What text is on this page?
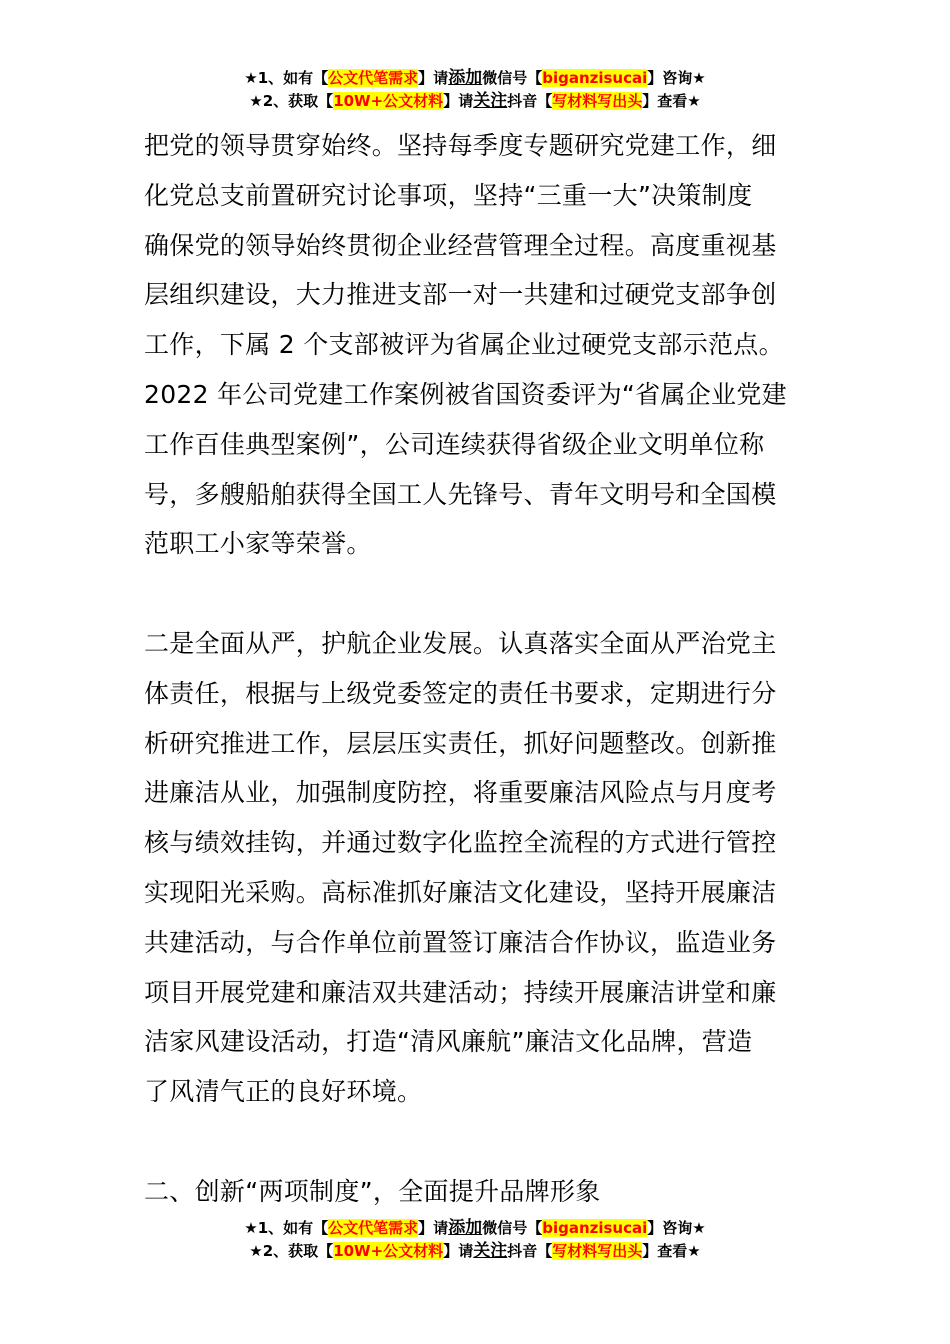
★1、如有【公文代笔需求】请添加微信号【biganzisucai】咨询★
★2、获取【10W+公文材料】请关注抖音【写材料写出头】查看★

把党的领导贯穿始终。坚持每季度专题研究党建工作，细

化党总支前置研究讨论事项，坚持“三重一大”决策制度

确保党的领导始终贯彻企业经营管理全过程。高度重视基

层组织建设，大力推进支部一对一共建和过硬党支部争创

工作，下属 2 个支部被评为省属企业过硬党支部示范点。

2022 年公司党建工作案例被省国资委评为“省属企业党建

工作百佳典型案例”，公司连续获得省级企业文明单位称

号，多艘船舶获得全国工人先锋号、青年文明号和全国模

范职工小家等荣誉。

二是全面从严，护航企业发展。认真落实全面从严治党主

体责任，根据与上级党委签定的责任书要求，定期进行分

析研究推进工作，层层压实责任，抓好问题整改。创新推

进廉洁从业，加强制度防控，将重要廉洁风险点与月度考

核与绩效挂钩，并通过数字化监控全流程的方式进行管控

实现阳光采购。高标准抓好廉洁文化建设，坚持开展廉洁

共建活动，与合作单位前置签订廉洁合作协议，监造业务

项目开展党建和廉洁双共建活动；持续开展廉洁讲堂和廉

洁家风建设活动，打造“清风廉航”廉洁文化品牌，营造

了风清气正的良好环境。

二、创新“两项制度”，全面提升品牌形象

★1、如有【公文代笔需求】请添加微信号【biganzisucai】咨询★
★2、获取【10W+公文材料】请关注抖音【写材料写出头】查看★
